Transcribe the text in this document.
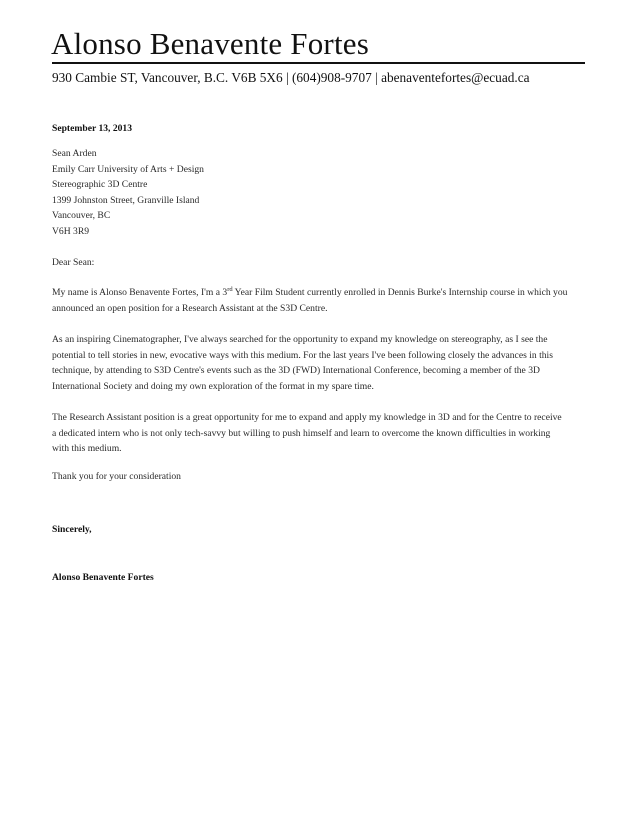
Alonso Benavente Fortes
930 Cambie ST, Vancouver, B.C. V6B 5X6 | (604)908-9707 | abenaventefortes@ecuad.ca
September 13, 2013
Sean Arden
Emily Carr University of Arts + Design
Stereographic 3D Centre
1399 Johnston Street, Granville Island
Vancouver, BC
V6H 3R9
Dear Sean:
My name is Alonso Benavente Fortes, I'm a 3rd Year Film Student currently enrolled in Dennis Burke's Internship course in which you
announced an open position for a Research Assistant at the S3D Centre.
As an inspiring Cinematographer, I've always searched for the opportunity to expand my knowledge on stereography, as I see the
potential to tell stories in new, evocative ways with this medium. For the last years I've been following closely the advances in this
technique, by attending to S3D Centre's events such as the 3D (FWD) International Conference, becoming a member of the 3D
International Society and doing my own exploration of the format in my spare time.
The Research Assistant position is a great opportunity for me to expand and apply my knowledge in 3D and for the Centre to receive
a dedicated intern who is not only tech-savvy but willing to push himself and learn to overcome the known difficulties in working
with this medium.
Thank you for your consideration
Sincerely,
Alonso Benavente Fortes
